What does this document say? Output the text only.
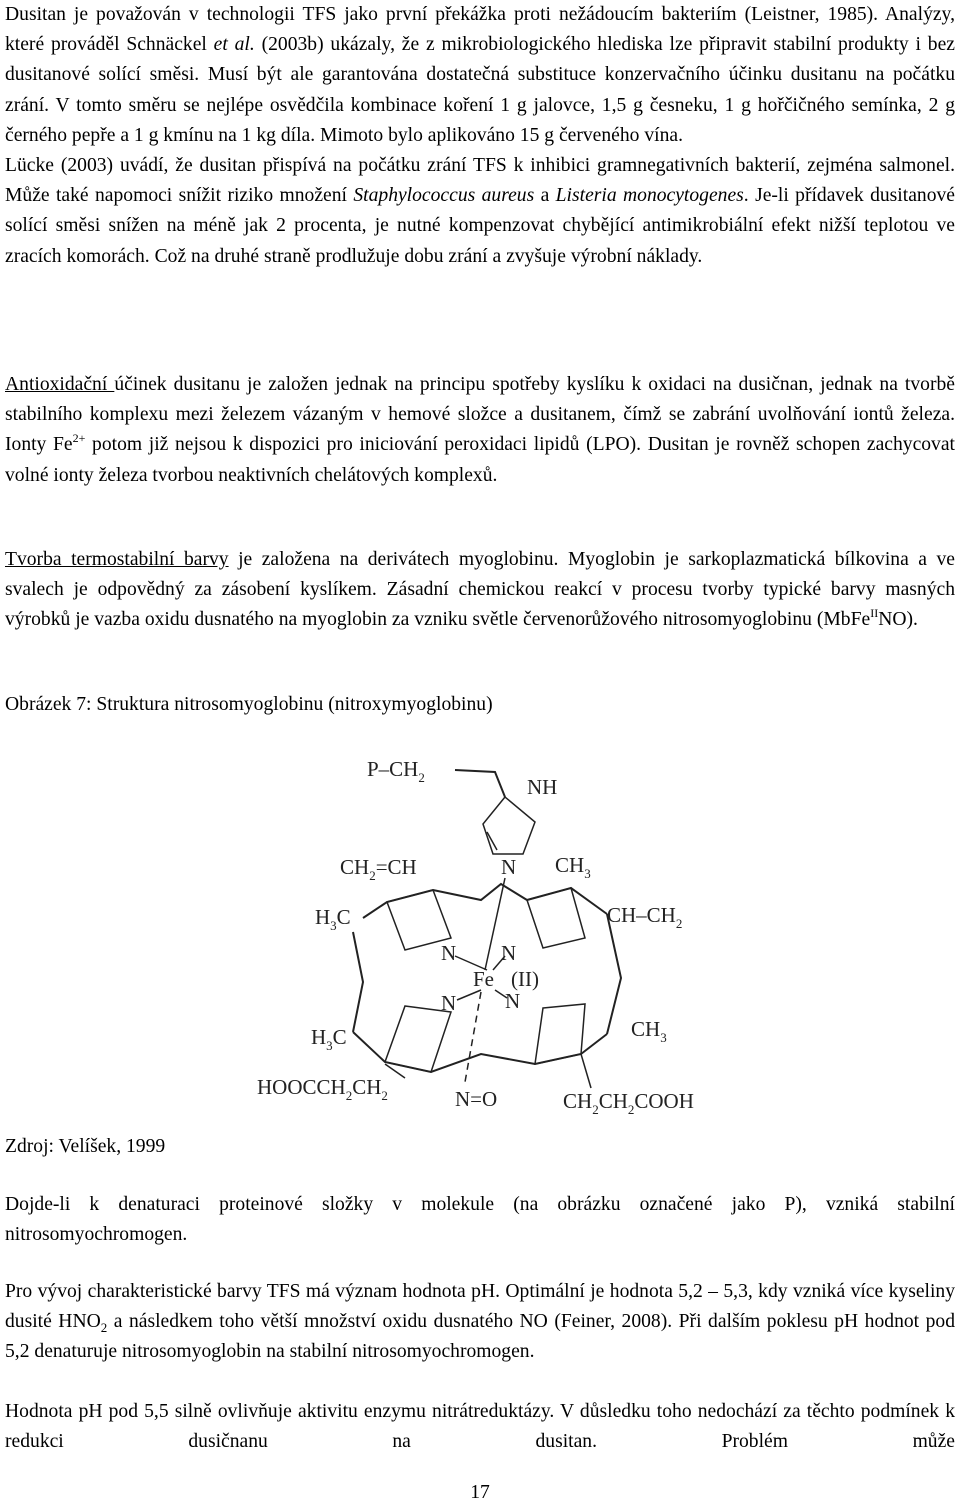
Dusitan je považován v technologii TFS jako první překážka proti nežádoucím bakteriím (Leistner, 1985). Analýzy, které prováděl Schnäckel et al. (2003b) ukázaly, že z mikrobiologického hlediska lze připravit stabilní produkty i bez dusitanové solící směsi. Musí být ale garantována dostatečná substituce konzervačního účinku dusitanu na počátku zrání. V tomto směru se nejlépe osvědčila kombinace koření 1 g jalovce, 1,5 g česneku, 1 g hořčičného semínka, 2 g černého pepře a 1 g kmínu na 1 kg díla. Mimoto bylo aplikováno 15 g červeného vína.
Lücke (2003) uvádí, že dusitan přispívá na počátku zrání TFS k inhibici gramnegativních bakterií, zejména salmonel. Může také napomoci snížit riziko množení Staphylococcus aureus a Listeria monocytogenes. Je-li přídavek dusitanové solící směsi snížen na méně jak 2 procenta, je nutné kompenzovat chybějící antimikrobiální efekt nižší teplotou ve zracích komorách. Což na druhé straně prodlužuje dobu zrání a zvyšuje výrobní náklady.

Antioxidační účinek dusitanu je založen jednak na principu spotřeby kyslíku k oxidaci na dusičnan, jednak na tvorbě stabilního komplexu mezi železem vázaným v hemové složce a dusitanem, čímž se zabrání uvolňování iontů železa. Ionty $Fe^{2+}$ potom již nejsou k dispozici pro iniciování peroxidaci lipidů (LPO). Dusitan je rovněž schopen zachycovat volné ionty železa tvorbou neaktivních chelátových komplexů.

Tvorba termostabilní barvy je založena na derivátech myoglobinu. Myoglobin je sarkoplazmatická bílkovina a ve svalech je odpovědný za zásobení kyslíkem. Zásadní chemickou reakcí v procesu tvorby typické barvy masných výrobků je vazba oxidu dusnatého na myoglobin za vzniku světle červenorůžového nitrosomyoglobinu (MbFe$^{II}$NO).

Obrázek 7: Struktura nitrosomyoglobinu (nitroxymyoglobinu)

Zdroj: Velíšek, 1999

Dojde-li k denaturaci proteinové složky v molekule (na obrázku označené jako P), vzniká stabilní nitrosomyochromogen.

Pro vývoj charakteristické barvy TFS má význam hodnota pH. Optimální je hodnota 5,2 – 5,3, kdy vzniká více kyseliny dusité $HNO_2$ a následkem toho větší množství oxidu dusnatého NO (Feiner, 2008). Při dalším poklesu pH hodnot pod 5,2 denaturuje nitrosomyoglobin na stabilní nitrosomyochromogen.

Hodnota pH pod 5,5 silně ovlivňuje aktivitu enzymu nitrátreduktázy. V důsledku toho nedochází za těchto podmínek k redukci dusičnanu na dusitan. Problém může

$P-CH_2$	NH
N
$CH_2=CH$	$CH_3$
$H_3C$	$CH-CH_2$
N N
N N
Fe (II)
$H_3C$	$CH_3$
$HOOCCH_2CH_2$	N=O	$CH_2CH_2COOH$
17
